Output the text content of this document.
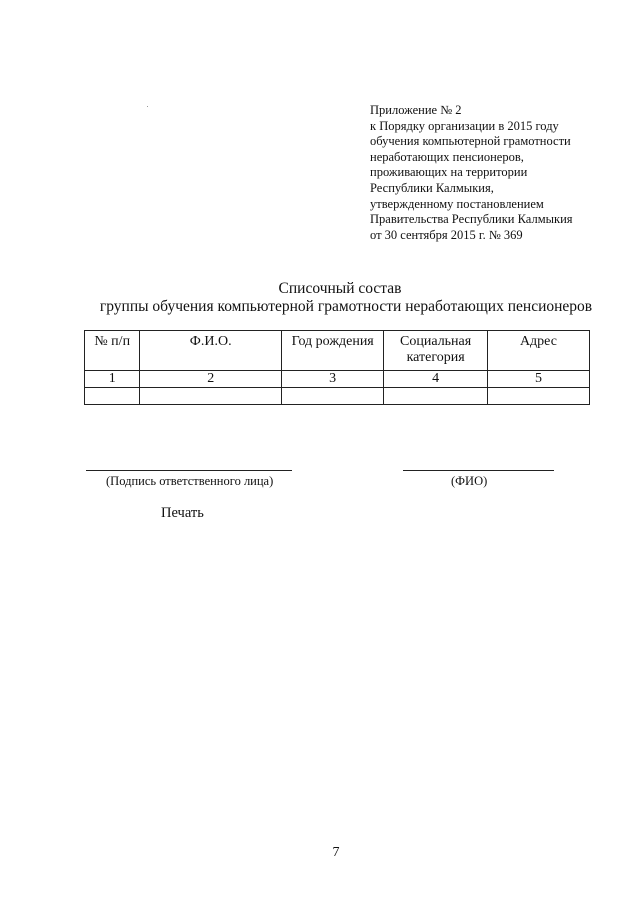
Приложение № 2
к Порядку организации в 2015 году
обучения компьютерной грамотности
неработающих пенсионеров,
проживающих на территории
Республики Калмыкия,
утвержденному постановлением
Правительства Республики Калмыкия
от 30 сентября 2015 г. № 369
Списочный состав
группы обучения компьютерной грамотности неработающих пенсионеров
№ п/п	Ф.И.О.	Год рождения	Социальная категория	Адрес
1	2	3	4	5

(Подпись ответственного лица)	(ФИО)
Печать
7
